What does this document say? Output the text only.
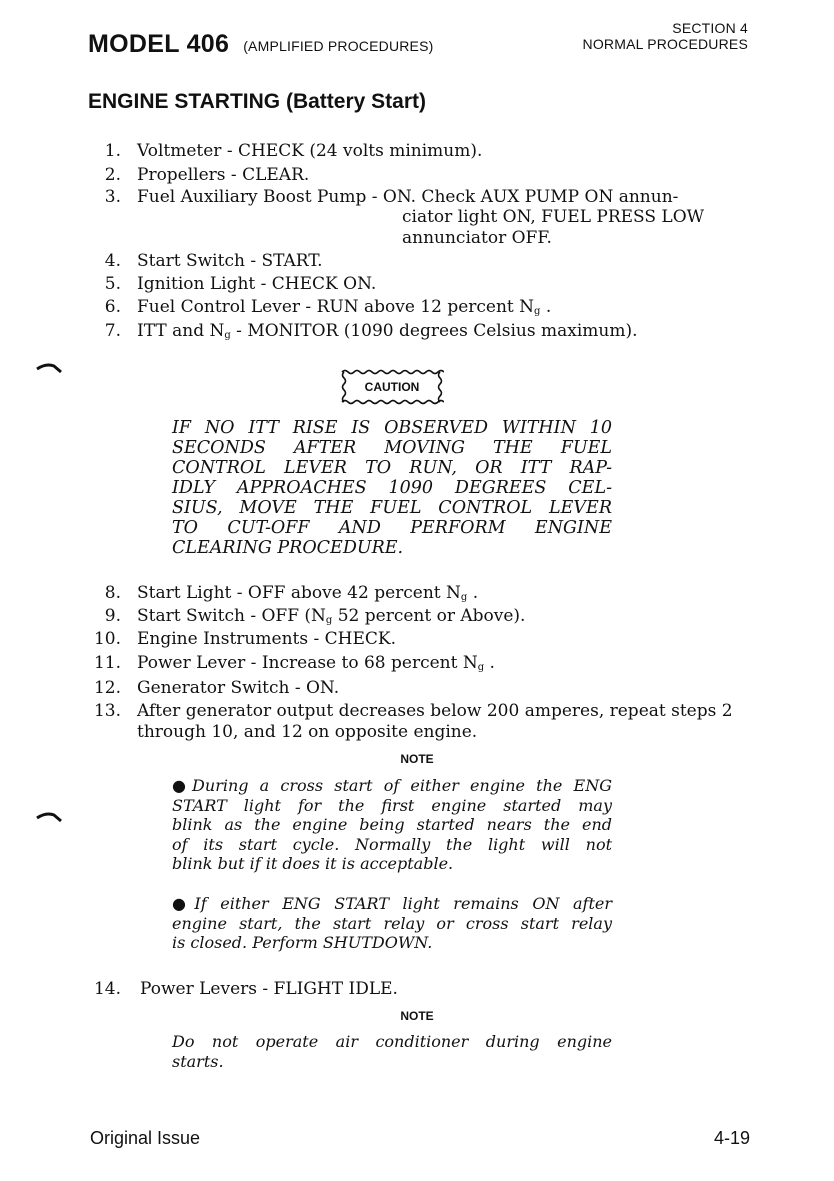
MODEL 406 (AMPLIFIED PROCEDURES)
SECTION 4
NORMAL PROCEDURES
ENGINE STARTING (Battery Start)
1. Voltmeter - CHECK (24 volts minimum).
2. Propellers - CLEAR.
3. Fuel Auxiliary Boost Pump - ON. Check AUX PUMP ON annun-
ciator light ON, FUEL PRESS LOW
annunciator OFF.
4. Start Switch - START.
5. Ignition Light - CHECK ON.
6. Fuel Control Lever - RUN above 12 percent $N_g$ .
7. ITT and $N_g$ - MONITOR (1090 degrees Celsius maximum).
CAUTION
IF NO ITT RISE IS OBSERVED WITHIN 10
SECONDS AFTER MOVING THE FUEL
CONTROL LEVER TO RUN, OR ITT RAP-
IDLY APPROACHES 1090 DEGREES CEL-
SIUS, MOVE THE FUEL CONTROL LEVER
TO CUT-OFF AND PERFORM ENGINE
CLEARING PROCEDURE.
8. Start Light - OFF above 42 percent $N_g$ .
9. Start Switch - OFF ($N_g$ 52 percent or Above).
10. Engine Instruments - CHECK.
11. Power Lever - Increase to 68 percent $N_g$ .
12. Generator Switch - ON.
13. After generator output decreases below 200 amperes, repeat steps 2
through 10, and 12 on opposite engine.
NOTE
●During a cross start of either engine the ENG
START light for the first engine started may
blink as the engine being started nears the end
of its start cycle. Normally the light will not
blink but if it does it is acceptable.
●If either ENG START light remains ON after
engine start, the start relay or cross start relay
is closed. Perform SHUTDOWN.
14. Power Levers - FLIGHT IDLE.
NOTE
Do not operate air conditioner during engine
starts.
Original Issue	4-19
